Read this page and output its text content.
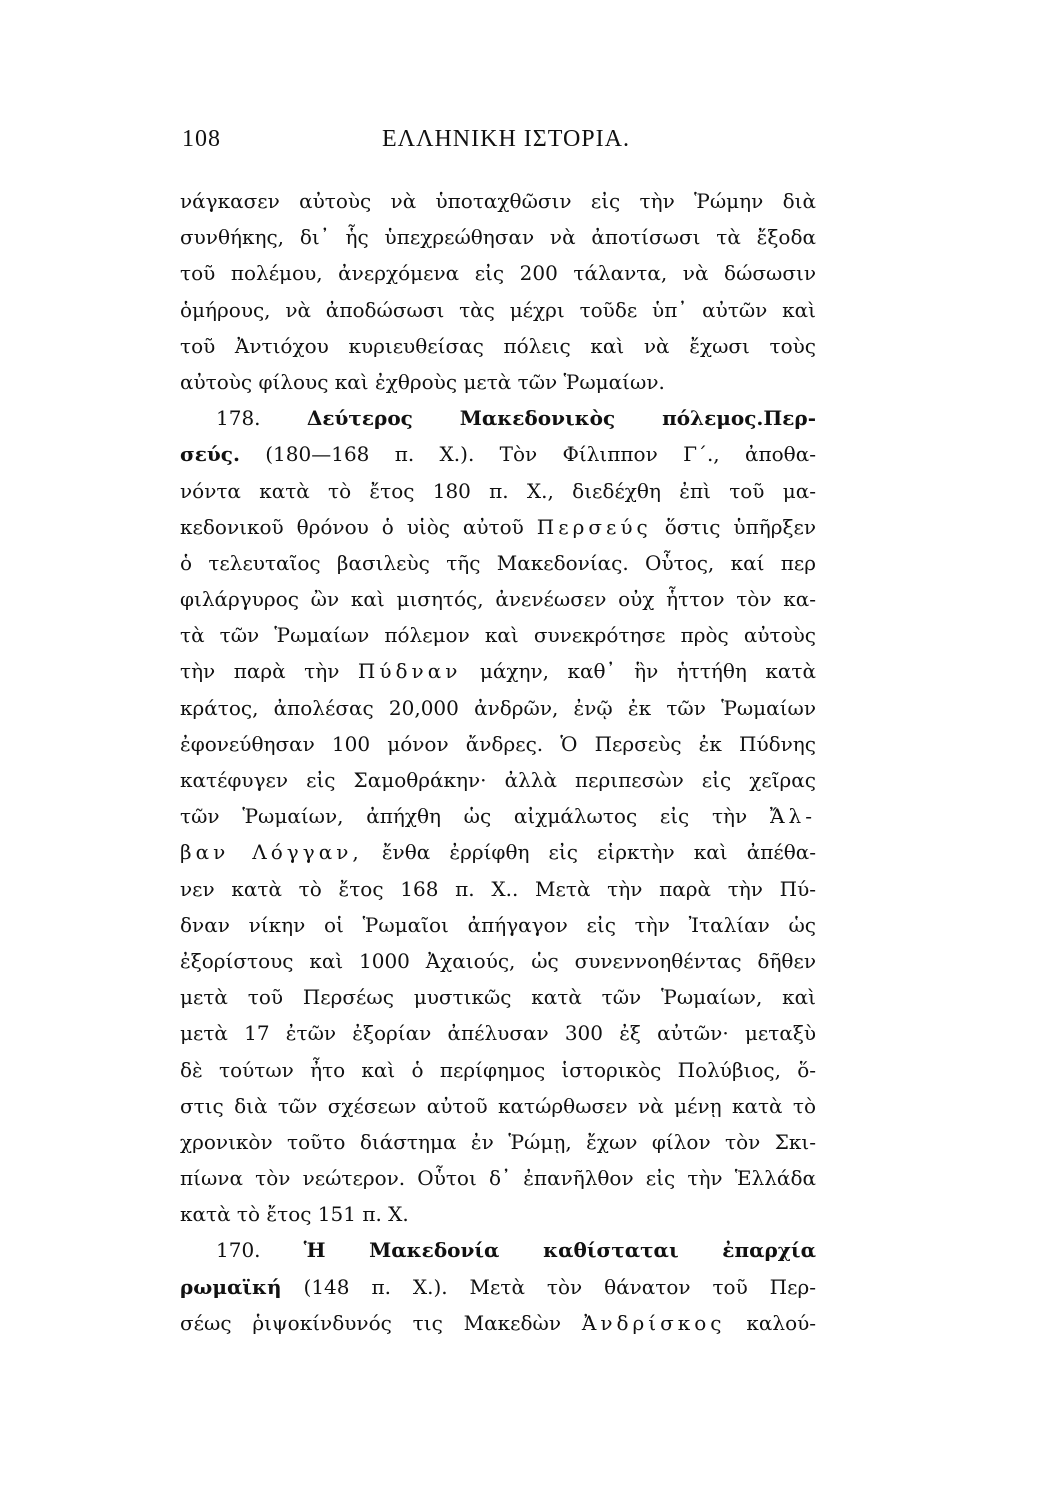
108	ΕΛΛΗΝΙΚΗ ΙΣΤΟΡΙΑ.
νάγκασεν αὐτοὺς νὰ ὑποταχθῶσιν εἰς τὴν Ῥώμην διὰ
συνθήκης, δι᾽ ἧς ὑπεχρεώθησαν νὰ ἀποτίσωσι τὰ ἔξοδα
τοῦ πολέμου, ἀνερχόμενα εἰς 200 τάλαντα, νὰ δώσωσιν
ὁμήρους, νὰ ἀποδώσωσι τὰς μέχρι τοῦδε ὑπ᾽ αὐτῶν καὶ
τοῦ Ἀντιόχου κυριευθείσας πόλεις καὶ νὰ ἔχωσι τοὺς
αὐτοὺς φίλους καὶ ἐχθροὺς μετὰ τῶν Ῥωμαίων.
178. Δεύτερος Μακεδονικὸς πόλεμος.Περ-
σεύς. (180—168 π. Χ.). Τὸν Φίλιππον Γ΄., ἀποθα-
νόντα κατὰ τὸ ἔτος 180 π. Χ., διεδέχθη ἐπὶ τοῦ μα-
κεδονικοῦ θρόνου ὁ υἱὸς αὐτοῦ Περσεύς ὅστις ὑπῆρξεν
ὁ τελευταῖος βασιλεὺς τῆς Μακεδονίας. Οὗτος, καί περ
φιλάργυρος ὢν καὶ μισητός, ἀνενέωσεν οὐχ ἧττον τὸν κα-
τὰ τῶν Ῥωμαίων πόλεμον καὶ συνεκρότησε πρὸς αὐτοὺς
τὴν παρὰ τὴν Πύδναν μάχην, καθ᾽ ἣν ἡττήθη κατὰ
κράτος, ἀπολέσας 20,000 ἀνδρῶν, ἐνῷ ἐκ τῶν Ῥωμαίων
ἐφονεύθησαν 100 μόνον ἄνδρες. Ὁ Περσεὺς ἐκ Πύδνης
κατέφυγεν εἰς Σαμοθράκην· ἀλλὰ περιπεσὼν εἰς χεῖρας
τῶν Ῥωμαίων, ἀπήχθη ὡς αἰχμάλωτος εἰς τὴν Ἄλ-
βαν Λόγγαν, ἔνθα ἐρρίφθη εἰς εἱρκτὴν καὶ ἀπέθα-
νεν κατὰ τὸ ἔτος 168 π. Χ.. Μετὰ τὴν παρὰ τὴν Πύ-
δναν νίκην οἱ Ῥωμαῖοι ἀπήγαγον εἰς τὴν Ἰταλίαν ὡς
ἐξορίστους καὶ 1000 Ἀχαιούς, ὡς συνεννοηθέντας δῆθεν
μετὰ τοῦ Περσέως μυστικῶς κατὰ τῶν Ῥωμαίων, καὶ
μετὰ 17 ἐτῶν ἐξορίαν ἀπέλυσαν 300 ἐξ αὐτῶν· μεταξὺ
δὲ τούτων ἦτο καὶ ὁ περίφημος ἱστορικὸς Πολύβιος, ὅ-
στις διὰ τῶν σχέσεων αὐτοῦ κατώρθωσεν νὰ μένῃ κατὰ τὸ
χρονικὸν τοῦτο διάστημα ἐν Ῥώμῃ, ἔχων φίλον τὸν Σκι-
πίωνα τὸν νεώτερον. Οὗτοι δ᾽ ἐπανῆλθον εἰς τὴν Ἑλλάδα
κατὰ τὸ ἔτος 151 π. Χ.
170. Ἡ Μακεδονία καθίσταται ἐπαρχία
ρωμαϊκή (148 π. Χ.). Μετὰ τὸν θάνατον τοῦ Περ-
σέως ῥιψοκίνδυνός τις Μακεδὼν Ἀνδρίσκος καλού-
